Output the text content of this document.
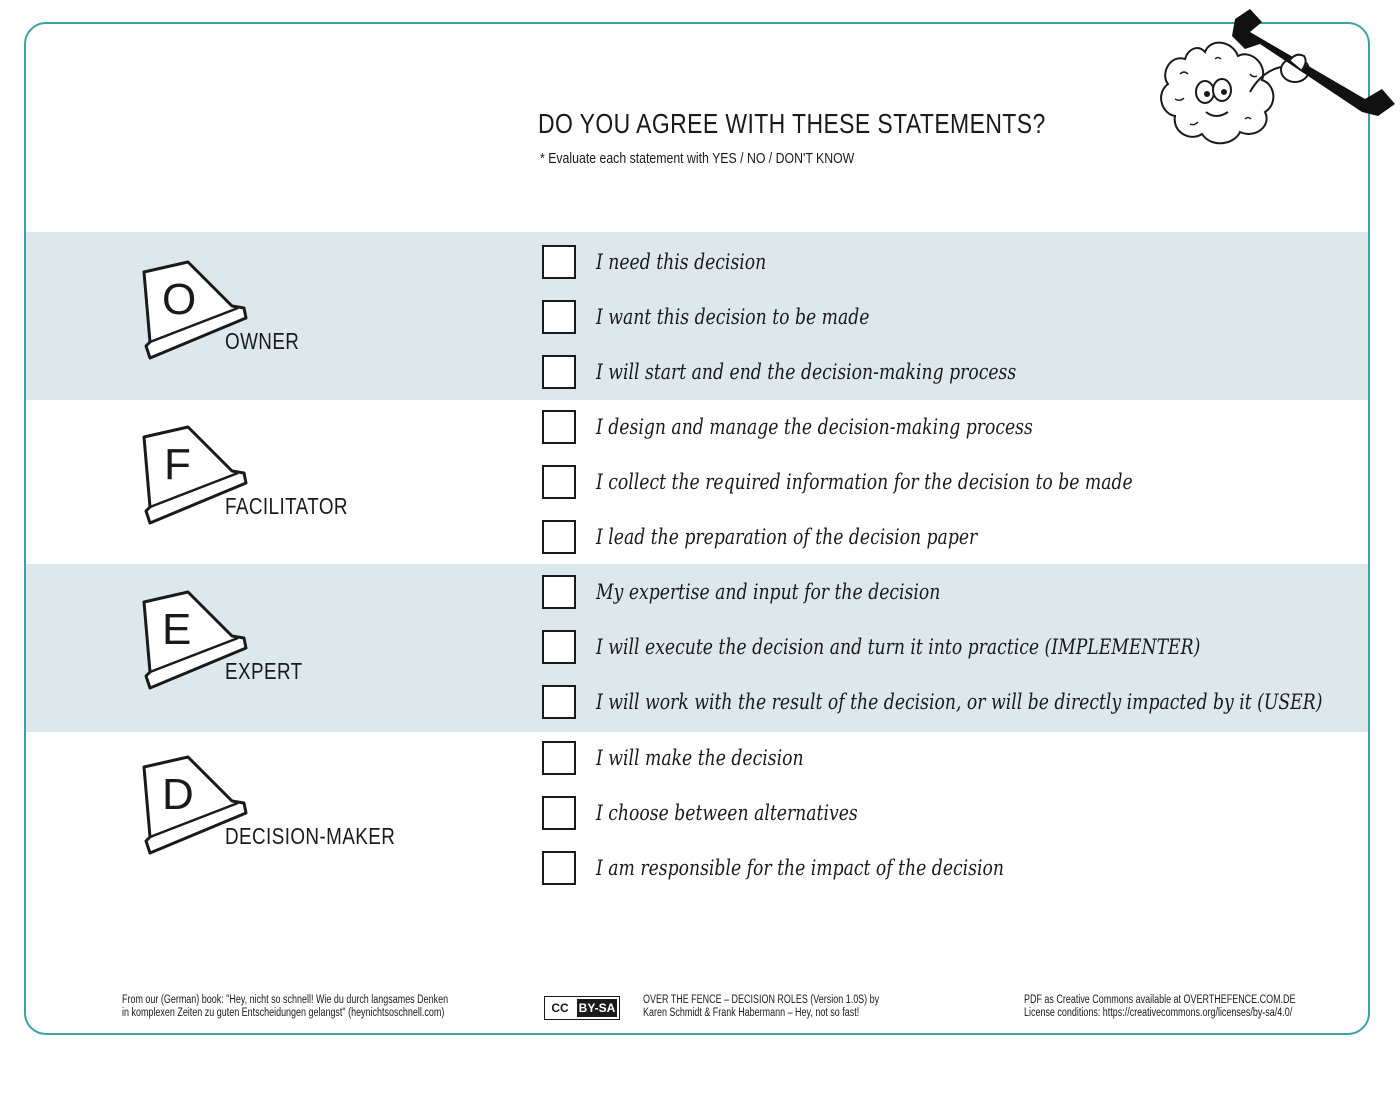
DO YOU AGREE WITH THESE STATEMENTS?
* Evaluate each statement with YES / NO / DON'T KNOW
O
OWNER
I need this decision
I want this decision to be made
I will start and end the decision-making process
F
FACILITATOR
I design and manage the decision-making process
I collect the required information for the decision to be made
I lead the preparation of the decision paper
E
EXPERT
My expertise and input for the decision
I will execute the decision and turn it into practice (IMPLEMENTER)
I will work with the result of the decision, or will be directly impacted by it (USER)
D
DECISION-MAKER
I will make the decision
I choose between alternatives
I am responsible for the impact of the decision
From our (German) book: "Hey, nicht so schnell! Wie du durch langsames Denken
in komplexen Zeiten zu guten Entscheidungen gelangst" (heynichtsoschnell.com)	CC BY-SA
OVER THE FENCE – DECISION ROLES (Version 1.0S) by
Karen Schmidt & Frank Habermann – Hey, not so fast!
PDF as Creative Commons available at OVERTHEFENCE.COM.DE
License conditions: https://creativecommons.org/licenses/by-sa/4.0/
